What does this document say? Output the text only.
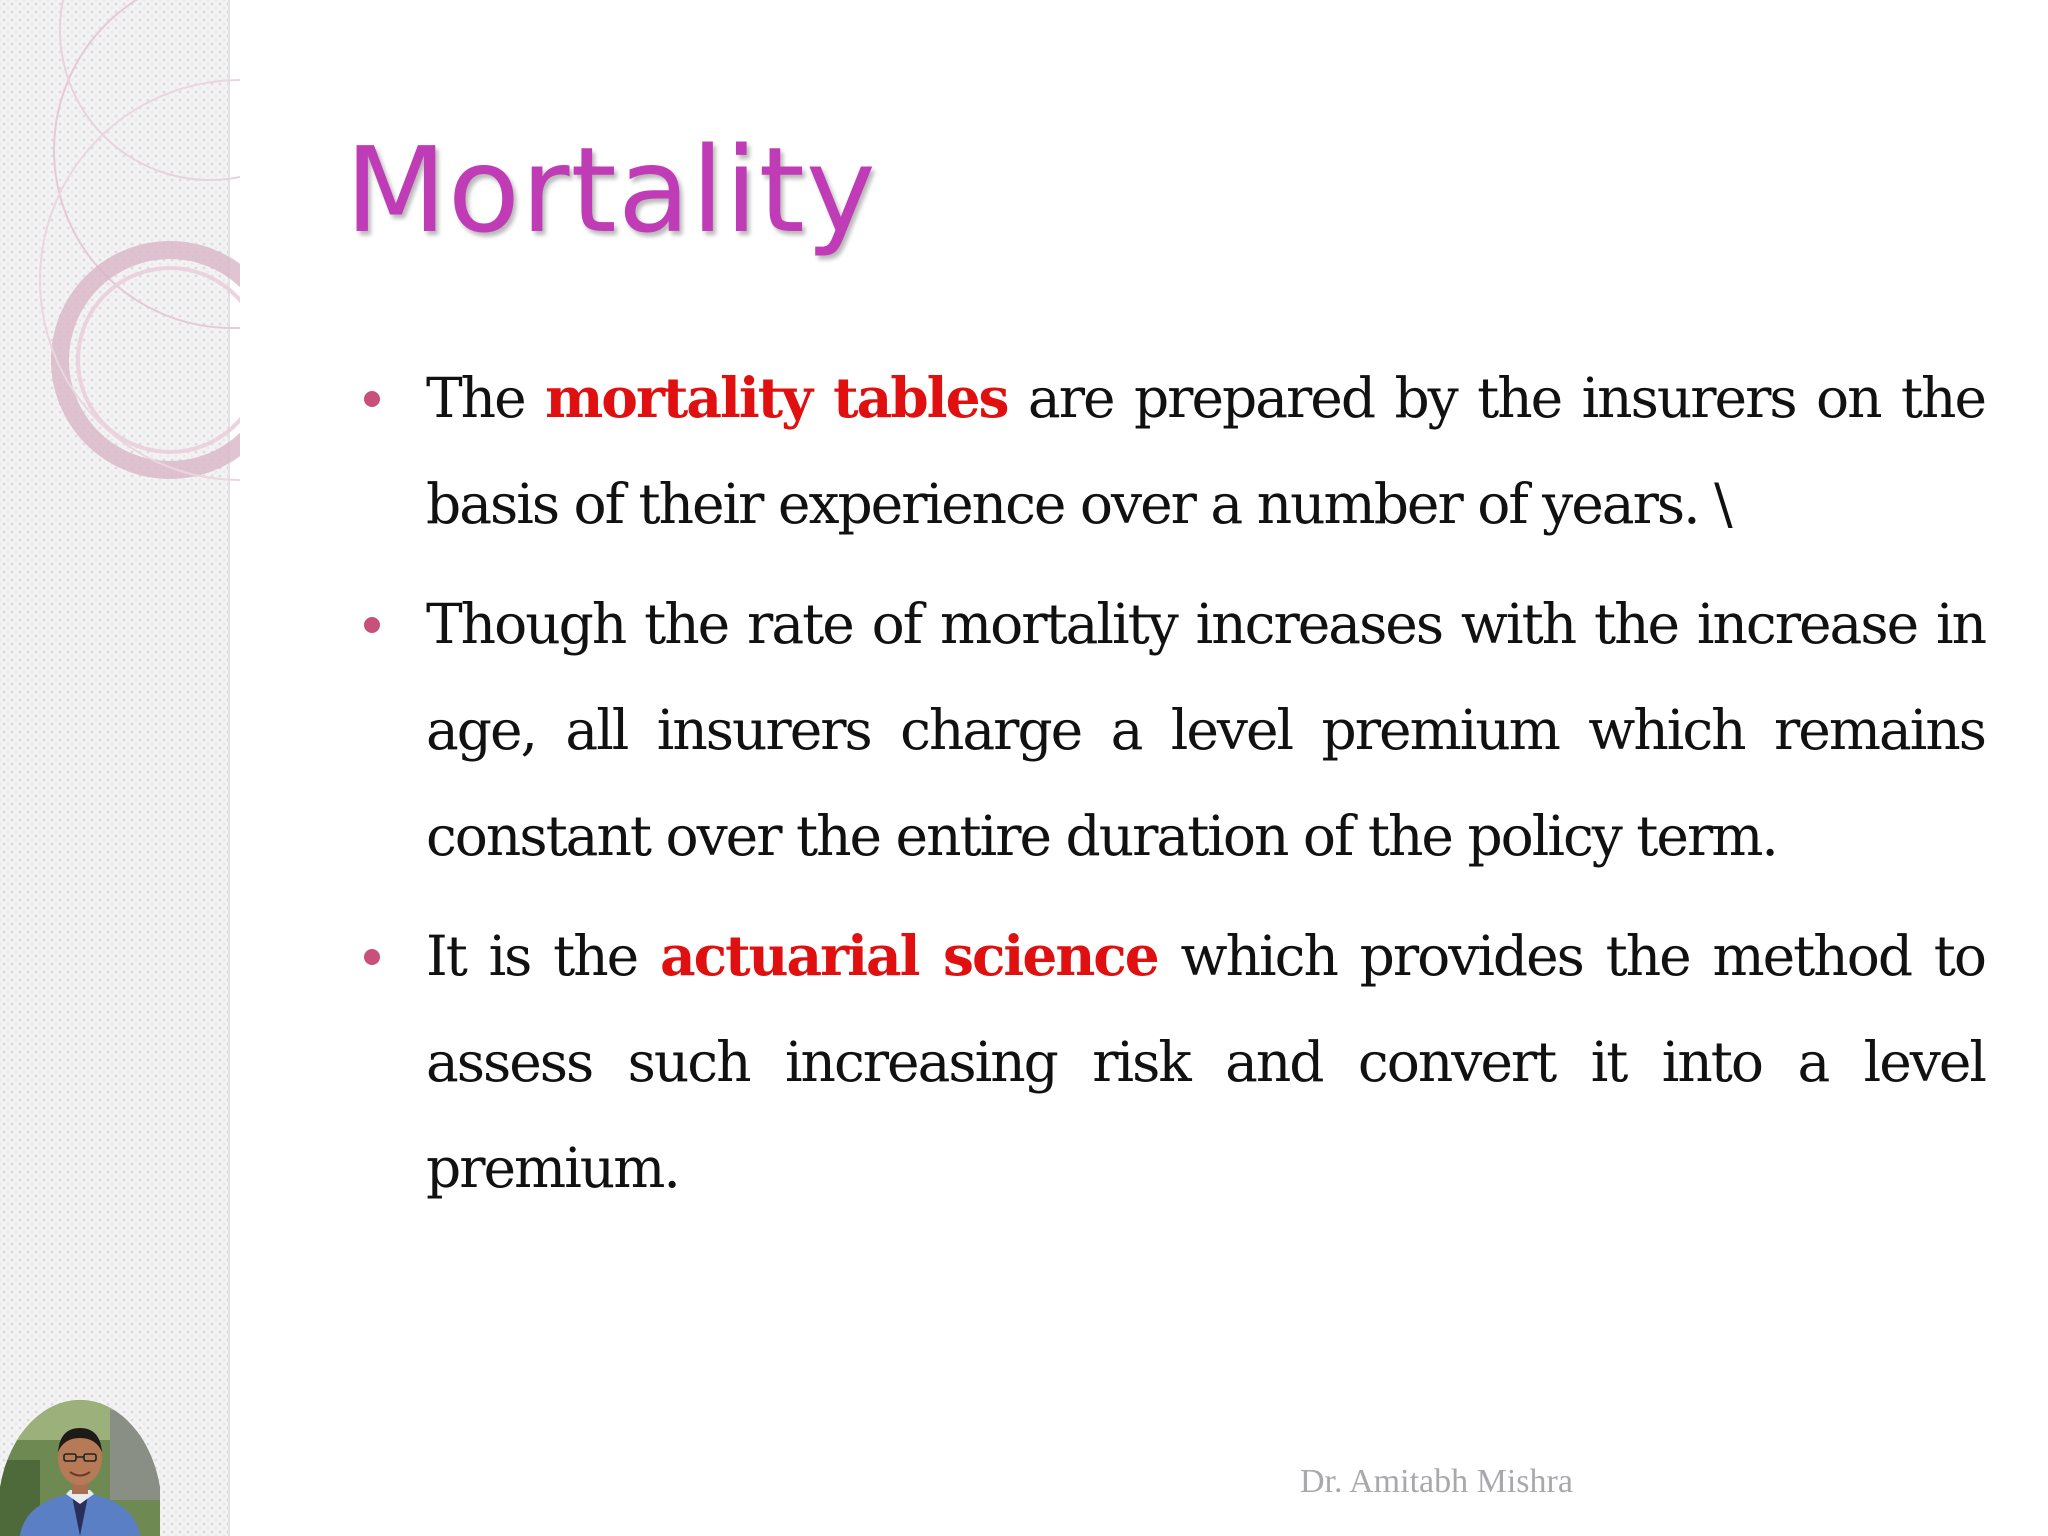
Mortality
The mortality tables are prepared by the insurers on the basis of their experience over a number of years. \
Though the rate of mortality increases with the increase in age, all insurers charge a level premium which remains constant over the entire duration of the policy term.
It is the actuarial science which provides the method to assess such increasing risk and convert it into a level premium.
Dr. Amitabh Mishra
